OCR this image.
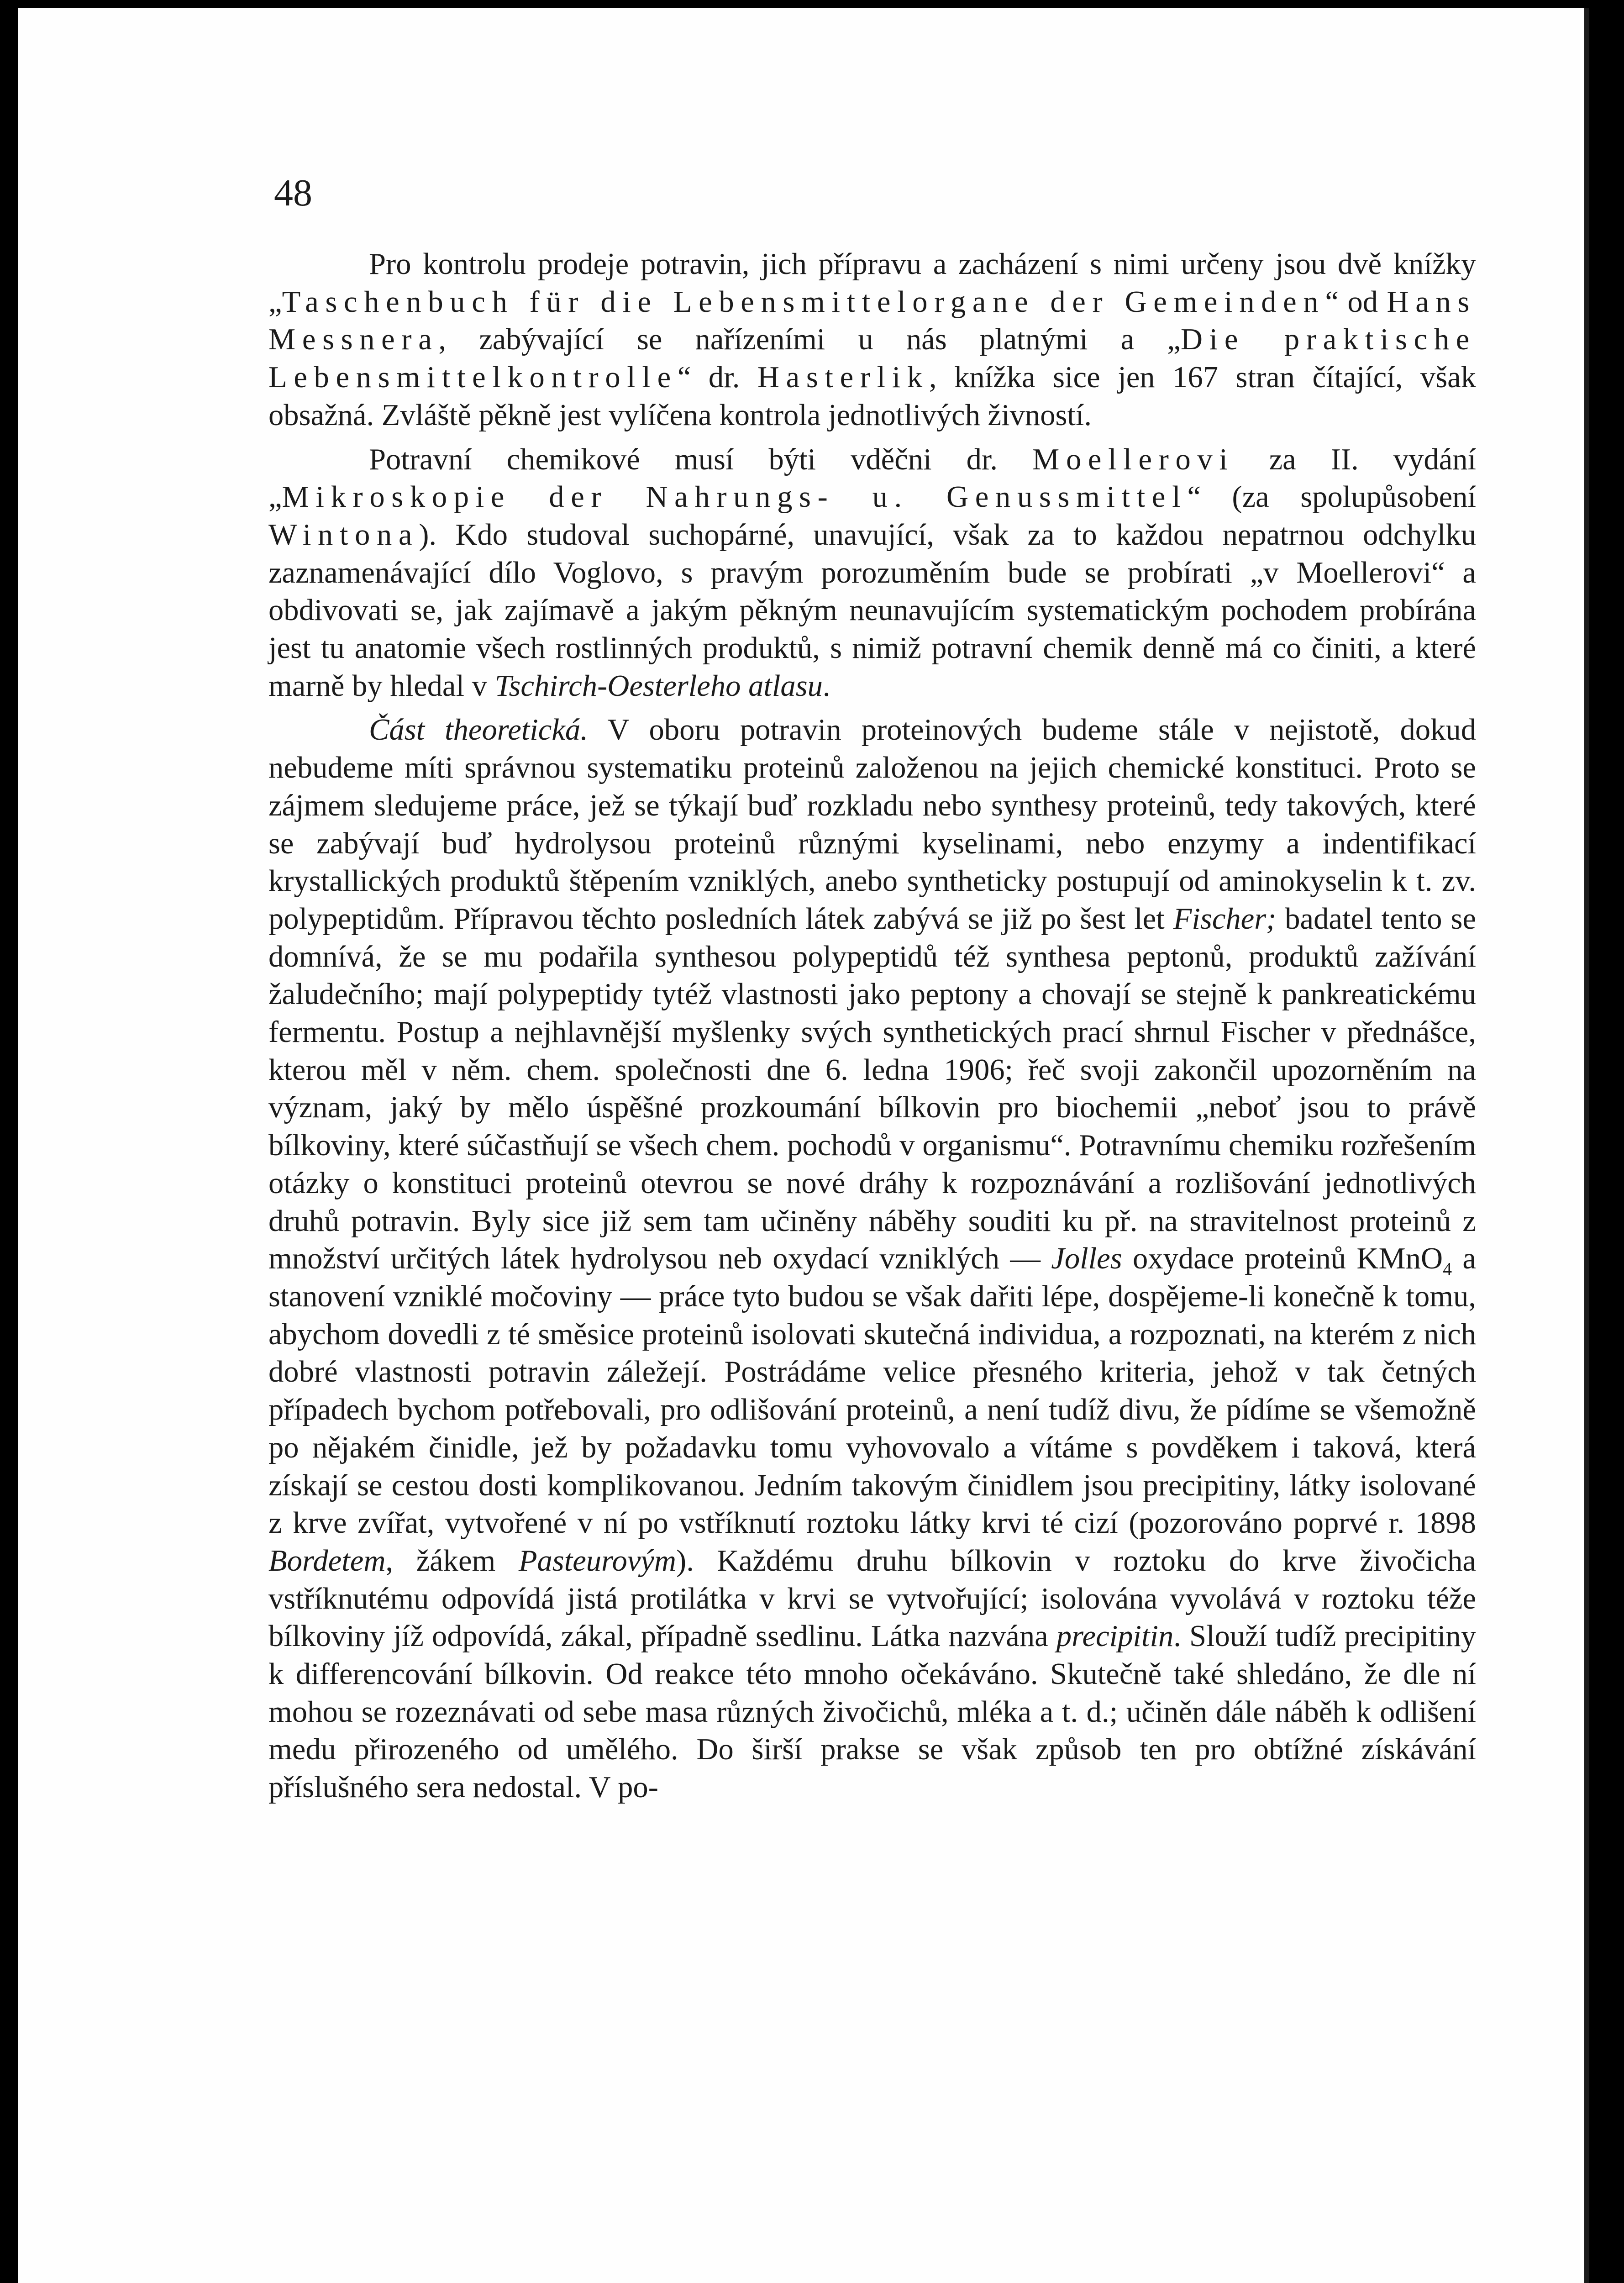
48

Pro kontrolu prodeje potravin, jich přípravu a zacházení s nimi určeny jsou dvě knížky „Taschenbuch für die Lebensmittelorgane der Gemeinden“ od Hans Messnera, zabývající se nařízeními u nás platnými a „Die praktische Lebensmittelkontrolle“ dr. Hasterlik, knížka sice jen 167 stran čítající, však obsažná. Zvláště pěkně jest vylíčena kontrola jednotlivých živností.

Potravní chemikové musí býti vděčni dr. Moellerovi za II. vydání „Mikroskopie der Nahrungs- u. Genussmittel“ (za spolupůsobení Wintona). Kdo studoval suchopárné, unavující, však za to každou nepatrnou odchylku zaznamenávající dílo Voglovo, s pravým porozuměním bude se probírati „v Moellerovi“ a obdivovati se, jak zajímavě a jakým pěkným neunavujícím systematickým pochodem probírána jest tu anatomie všech rostlinných produktů, s nimiž potravní chemik denně má co činiti, a které marně by hledal v Tschirch-Oesterleho atlasu.

Část theoretická. V oboru potravin proteinových budeme stále v nejistotě, dokud nebudeme míti správnou systematiku proteinů založenou na jejich chemické konstituci. Proto se zájmem sledujeme práce, jež se týkají buď rozkladu nebo synthesy proteinů, tedy takových, které se zabývají buď hydrolysou proteinů různými kyselinami, nebo enzymy a indentifikací krystallických produktů štěpením vzniklých, anebo syntheticky postupují od aminokyselin k t. zv. polypeptidům. Přípravou těchto posledních látek zabývá se již po šest let Fischer; badatel tento se domnívá, že se mu podařila synthesou polypeptidů též synthesa peptonů, produktů zažívání žaludečního; mají polypeptidy tytéž vlastnosti jako peptony a chovají se stejně k pankreatickému fermentu. Postup a nejhlavnější myšlenky svých synthetických prací shrnul Fischer v přednášce, kterou měl v něm. chem. společnosti dne 6. ledna 1906; řeč svoji zakončil upozorněním na význam, jaký by mělo úspěšné prozkoumání bílkovin pro biochemii „neboť jsou to právě bílkoviny, které súčastňují se všech chem. pochodů v organismu“. Potravnímu chemiku rozřešením otázky o konstituci proteinů otevrou se nové dráhy k rozpoznávání a rozlišování jednotlivých druhů potravin. Byly sice již sem tam učiněny náběhy souditi ku př. na stravitelnost proteinů z množství určitých látek hydrolysou neb oxydací vzniklých — Jolles oxydace proteinů KMnO$_4$ a stanovení vzniklé močoviny — práce tyto budou se však dařiti lépe, dospějeme-li konečně k tomu, abychom dovedli z té směsice proteinů isolovati skutečná individua, a rozpoznati, na kterém z nich dobré vlastnosti potravin záležejí. Postrádáme velice přesného kriteria, jehož v tak četných případech bychom potřebovali, pro odlišování proteinů, a není tudíž divu, že pídíme se všemožně po nějakém činidle, jež by požadavku tomu vyhovovalo a vítáme s povděkem i taková, která získají se cestou dosti komplikovanou. Jedním takovým činidlem jsou precipitiny, látky isolované z krve zvířat, vytvořené v ní po vstříknutí roztoku látky krvi té cizí (pozorováno poprvé r. 1898 Bordetem, žákem Pasteurovým). Každému druhu bílkovin v roztoku do krve živočicha vstříknutému odpovídá jistá protilátka v krvi se vytvořující; isolována vyvolává v roztoku téže bílkoviny jíž odpovídá, zákal, případně ssedlinu. Látka nazvána precipitin. Slouží tudíž precipitiny k differencování bílkovin. Od reakce této mnoho očekáváno. Skutečně také shledáno, že dle ní mohou se rozeznávati od sebe masa různých živočichů, mléka a t. d.; učiněn dále náběh k odlišení medu přirozeného od umělého. Do širší prakse se však způsob ten pro obtížné získávání příslušného sera nedostal. V po-
